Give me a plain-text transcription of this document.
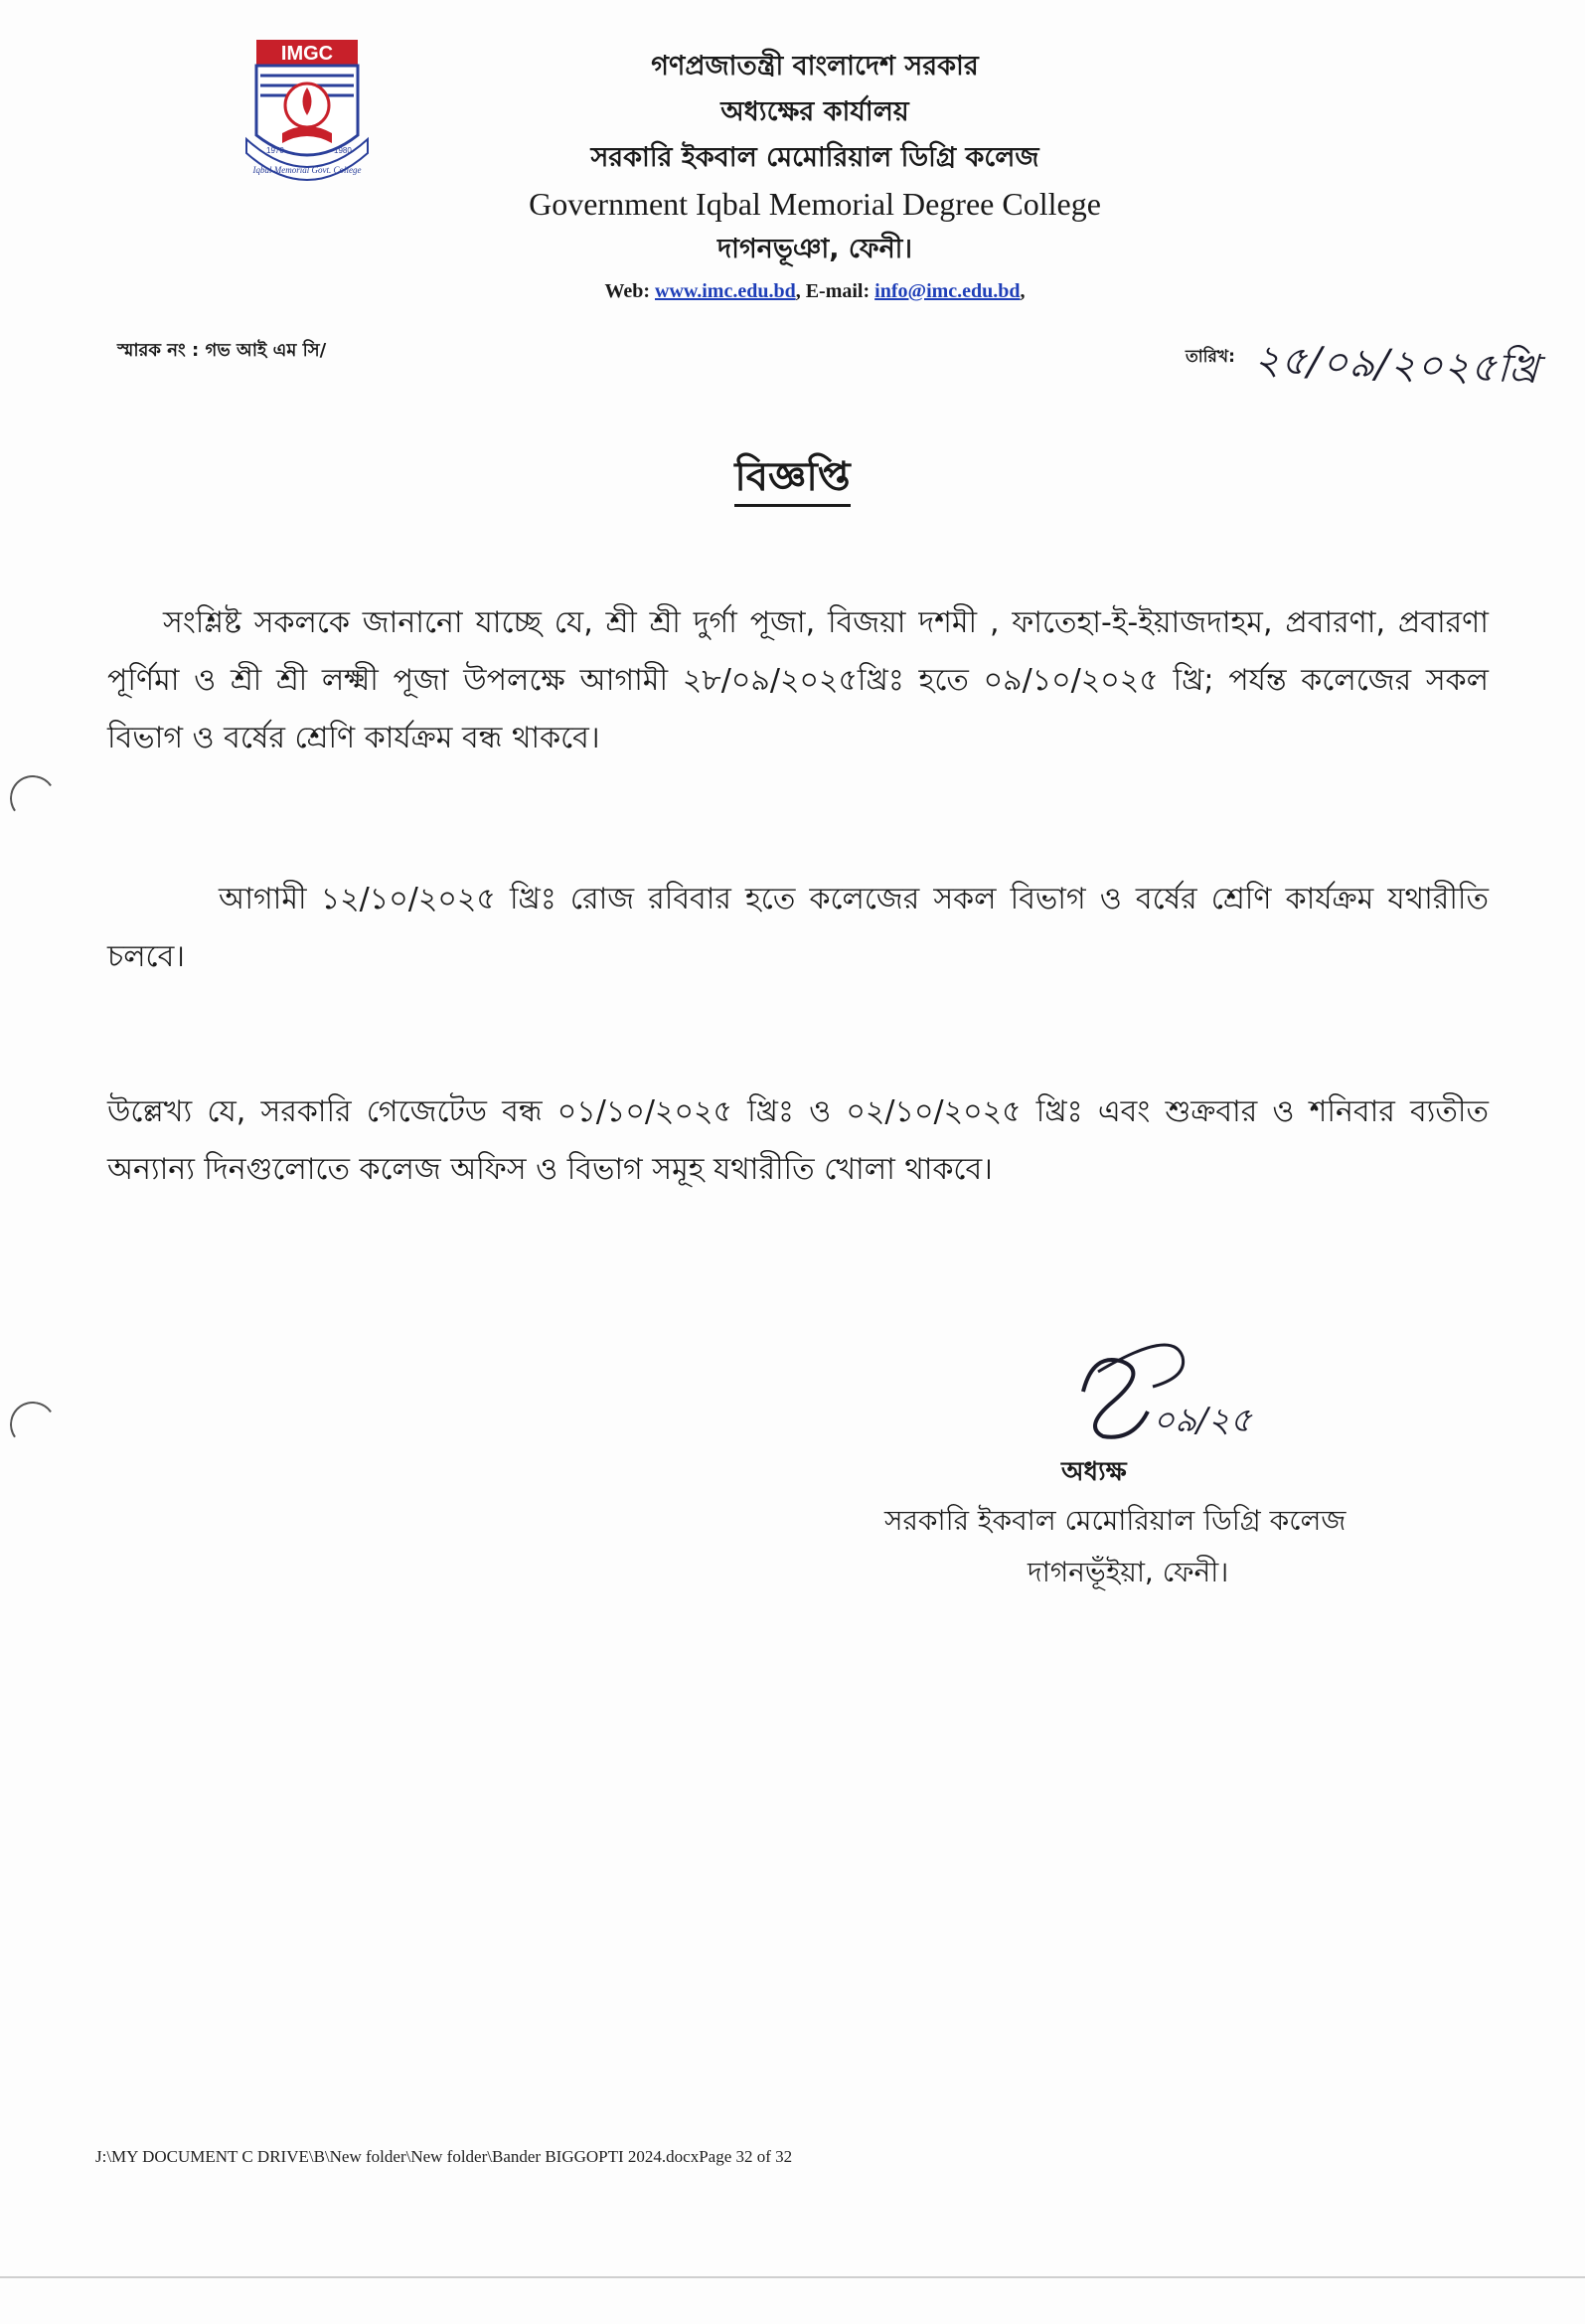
IMGC
1970	1980
Iqbal Memorial Govt. College
গণপ্রজাতন্ত্রী বাংলাদেশ সরকার
অধ্যক্ষের কার্যালয়
সরকারি ইকবাল মেমোরিয়াল ডিগ্রি কলেজ
Government Iqbal Memorial Degree College
দাগনভূঞা, ফেনী।
Web: www.imc.edu.bd, E-mail: info@imc.edu.bd,
স্মারক নং : গভ আই এম সি/	তারিখ: ২৫/০৯/২০২৫খ্রি
বিজ্ঞপ্তি
সংশ্লিষ্ট সকলকে জানানো যাচ্ছে যে, শ্রী শ্রী দুর্গা পূজা, বিজয়া দশমী , ফাতেহা-ই-ইয়াজদাহম, প্রবারণা, প্রবারণা পূর্ণিমা ও শ্রী শ্রী লক্ষ্মী পূজা উপলক্ষে আগামী ২৮/০৯/২০২৫খ্রিঃ হতে ০৯/১০/২০২৫ খ্রি; পর্যন্ত কলেজের সকল বিভাগ ও বর্ষের শ্রেণি কার্যক্রম বন্ধ থাকবে।
আগামী ১২/১০/২০২৫ খ্রিঃ রোজ রবিবার হতে কলেজের সকল বিভাগ ও বর্ষের শ্রেণি কার্যক্রম যথারীতি চলবে।
উল্লেখ্য যে, সরকারি গেজেটেড বন্ধ ০১/১০/২০২৫ খ্রিঃ ও ০২/১০/২০২৫ খ্রিঃ এবং শুক্রবার ও শনিবার ব্যতীত অন্যান্য দিনগুলোতে কলেজ অফিস ও বিভাগ সমূহ যথারীতি খোলা থাকবে।
০৯/২৫
অধ্যক্ষ
সরকারি ইকবাল মেমোরিয়াল ডিগ্রি কলেজ
দাগনভূঁইয়া, ফেনী।
J:\MY DOCUMENT C DRIVE\B\New folder\New folder\Bander BIGGOPTI 2024.docxPage 32 of 32
